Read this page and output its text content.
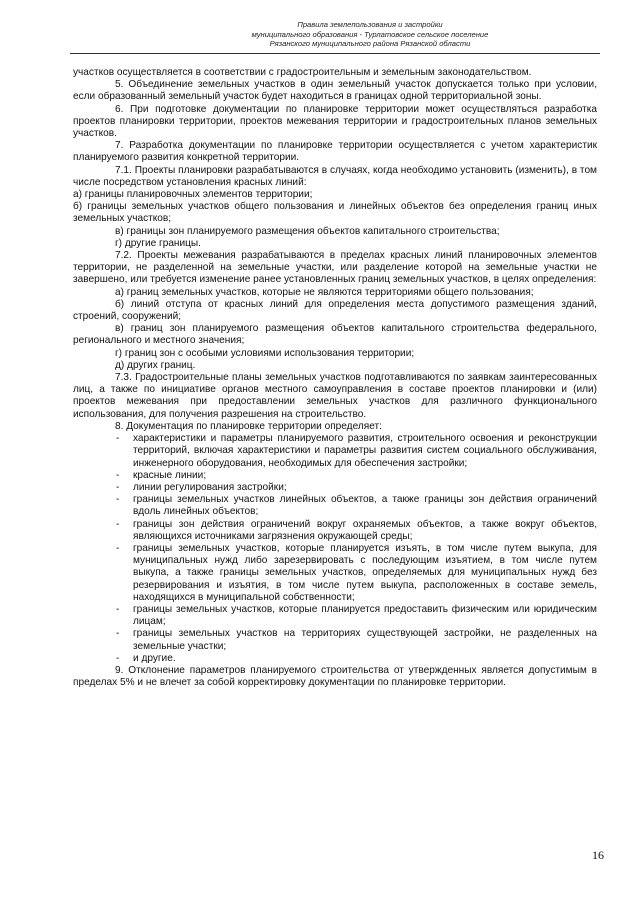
Правила землепользования и застройки
муниципального образования - Турлатовское сельское поселение
Рязанского муниципального района Рязанской области

участков осуществляется в соответствии с градостроительным и земельным законодательством.

5. Объединение земельных участков в один земельный участок допускается только при условии, если образованный земельный участок будет находиться в границах одной территориальной зоны.

6. При подготовке документации по планировке территории может осуществляться разработка проектов планировки территории, проектов межевания территории и градостроительных планов земельных участков.

7. Разработка документации по планировке территории осуществляется с учетом характеристик планируемого развития конкретной территории.

7.1. Проекты планировки разрабатываются в случаях, когда необходимо установить (изменить), в том числе посредством установления красных линий:

а) границы планировочных элементов территории;

б) границы земельных участков общего пользования и линейных объектов без определения границ иных земельных участков;

в) границы зон планируемого размещения объектов капитального строительства;

г) другие границы.

7.2. Проекты межевания разрабатываются в пределах красных линий планировочных элементов территории, не разделенной на земельные участки, или разделение которой на земельные участки не завершено, или требуется изменение ранее установленных границ земельных участков, в целях определения:

а) границ земельных участков, которые не являются территориями общего пользования;

б) линий отступа от красных линий для определения места допустимого размещения зданий, строений, сооружений;

в) границ зон планируемого размещения объектов капитального строительства федерального, регионального и местного значения;

г) границ зон с особыми условиями использования территории;

д) других границ.

7.3. Градостроительные планы земельных участков подготавливаются по заявкам заинтересованных лиц, а также по инициативе органов местного самоуправления в составе проектов планировки и (или) проектов межевания при предоставлении земельных участков для различного функционального использования, для получения разрешения на строительство.

8. Документация по планировке территории определяет:

- характеристики и параметры планируемого развития, строительного освоения и реконструкции территорий, включая характеристики и параметры развития систем социального обслуживания, инженерного оборудования, необходимых для обеспечения застройки;
- красные линии;
- линии регулирования застройки;
- границы земельных участков линейных объектов, а также границы зон действия ограничений вдоль линейных объектов;
- границы зон действия ограничений вокруг охраняемых объектов, а также вокруг объектов, являющихся источниками загрязнения окружающей среды;
- границы земельных участков, которые планируется изъять, в том числе путем выкупа, для муниципальных нужд либо зарезервировать с последующим изъятием, в том числе путем выкупа, а также границы земельных участков, определяемых для муниципальных нужд без резервирования и изъятия, в том числе путем выкупа, расположенных в составе земель, находящихся в муниципальной собственности;
- границы земельных участков, которые планируется предоставить физическим или юридическим лицам;
- границы земельных участков на территориях существующей застройки, не разделенных на земельные участки;
- и другие.

9. Отклонение параметров планируемого строительства от утвержденных является допустимым в пределах 5% и не влечет за собой корректировку документации по планировке территории.

16
